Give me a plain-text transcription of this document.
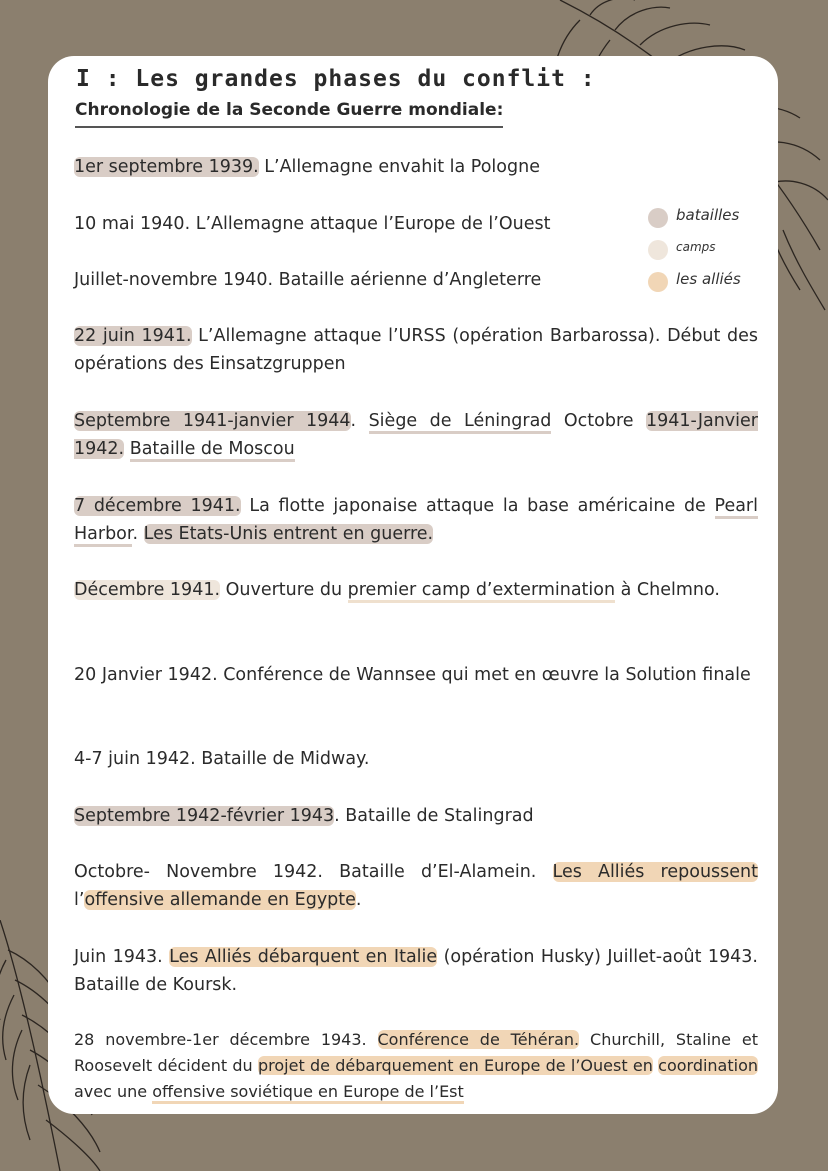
I : Les grandes phases du conflit :
Chronologie de la Seconde Guerre mondiale:
1er septembre 1939. L’Allemagne envahit la Pologne
10 mai 1940. L’Allemagne attaque l’Europe de l’Ouest
Juillet-novembre 1940. Bataille aérienne d’Angleterre
22 juin 1941. L’Allemagne attaque l’URSS (opération Barbarossa). Début des opérations des Einsatzgruppen
Septembre 1941-janvier 1944. Siège de Léningrad Octobre 1941-Janvier 1942. Bataille de Moscou
7 décembre 1941. La flotte japonaise attaque la base américaine de Pearl Harbor. Les Etats-Unis entrent en guerre.
Décembre 1941. Ouverture du premier camp d’extermination à Chelmno.
20 Janvier 1942. Conférence de Wannsee qui met en œuvre la Solution finale
4-7 juin 1942. Bataille de Midway.
Septembre 1942-février 1943. Bataille de Stalingrad
Octobre- Novembre 1942. Bataille d’El-Alamein. Les Alliés repoussent l’offensive allemande en Egypte.
Juin 1943. Les Alliés débarquent en Italie (opération Husky) Juillet-août 1943. Bataille de Koursk.
28 novembre-1er décembre 1943. Conférence de Téhéran. Churchill, Staline et Roosevelt décident du projet de débarquement en Europe de l’Ouest en coordination avec une offensive soviétique en Europe de l’Est
batailles
camps
les alliés
